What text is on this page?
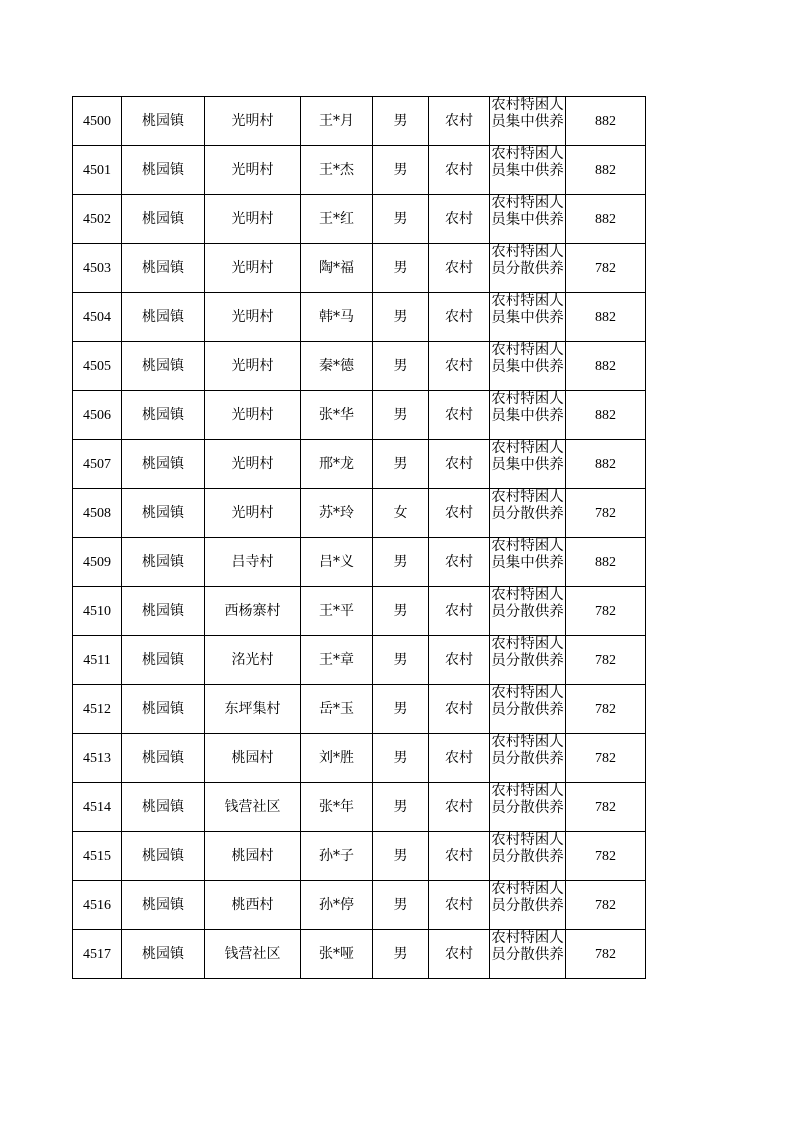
4500	桃园镇	光明村	王*月	男	农村	农村特困人员集中供养	882
4501	桃园镇	光明村	王*杰	男	农村	农村特困人员集中供养	882
4502	桃园镇	光明村	王*红	男	农村	农村特困人员集中供养	882
4503	桃园镇	光明村	陶*福	男	农村	农村特困人员分散供养	782
4504	桃园镇	光明村	韩*马	男	农村	农村特困人员集中供养	882
4505	桃园镇	光明村	秦*德	男	农村	农村特困人员集中供养	882
4506	桃园镇	光明村	张*华	男	农村	农村特困人员集中供养	882
4507	桃园镇	光明村	邢*龙	男	农村	农村特困人员集中供养	882
4508	桃园镇	光明村	苏*玲	女	农村	农村特困人员分散供养	782
4509	桃园镇	吕寺村	吕*义	男	农村	农村特困人员集中供养	882
4510	桃园镇	西杨寨村	王*平	男	农村	农村特困人员分散供养	782
4511	桃园镇	洺光村	王*章	男	农村	农村特困人员分散供养	782
4512	桃园镇	东坪集村	岳*玉	男	农村	农村特困人员分散供养	782
4513	桃园镇	桃园村	刘*胜	男	农村	农村特困人员分散供养	782
4514	桃园镇	钱营社区	张*年	男	农村	农村特困人员分散供养	782
4515	桃园镇	桃园村	孙*子	男	农村	农村特困人员分散供养	782
4516	桃园镇	桃西村	孙*停	男	农村	农村特困人员分散供养	782
4517	桃园镇	钱营社区	张*哑	男	农村	农村特困人员分散供养	782
